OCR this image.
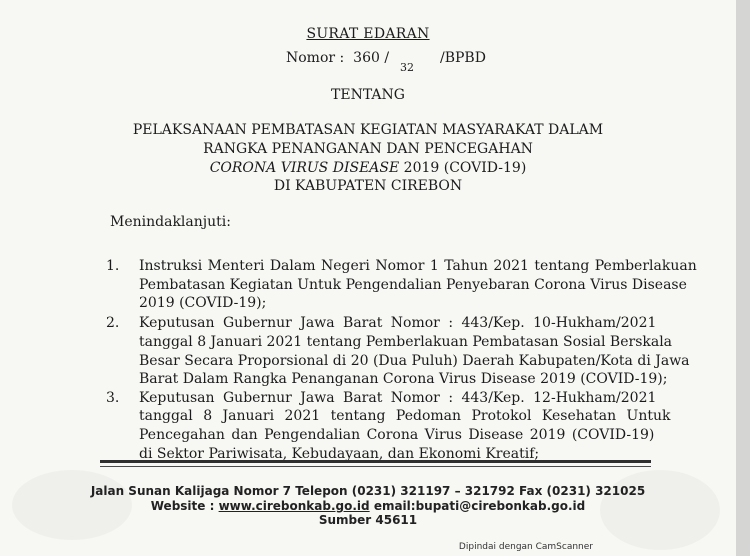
SURAT EDARAN
Nomor : 360 /
32
/BPBD
TENTANG
PELAKSANAAN PEMBATASAN KEGIATAN MASYARAKAT DALAM
RANGKA PENANGANAN DAN PENCEGAHAN
CORONA VIRUS DISEASE 2019 (COVID-19)
DI KABUPATEN CIREBON
Menindaklanjuti:
1. Instruksi Menteri Dalam Negeri Nomor 1 Tahun 2021 tentang Pemberlakuan
Pembatasan Kegiatan Untuk Pengendalian Penyebaran Corona Virus Disease
2019 (COVID-19);
2. Keputusan Gubernur Jawa Barat Nomor : 443/Kep. 10-Hukham/2021
tanggal 8 Januari 2021 tentang Pemberlakuan Pembatasan Sosial Berskala
Besar Secara Proporsional di 20 (Dua Puluh) Daerah Kabupaten/Kota di Jawa
Barat Dalam Rangka Penanganan Corona Virus Disease 2019 (COVID-19);
3. Keputusan Gubernur Jawa Barat Nomor : 443/Kep. 12-Hukham/2021
tanggal 8 Januari 2021 tentang Pedoman Protokol Kesehatan Untuk
Pencegahan dan Pengendalian Corona Virus Disease 2019 (COVID-19)
di Sektor Pariwisata, Kebudayaan, dan Ekonomi Kreatif;
Jalan Sunan Kalijaga Nomor 7 Telepon (0231) 321197 – 321792 Fax (0231) 321025
Website : www.cirebonkab.go.id email:bupati@cirebonkab.go.id
Sumber 45611
Dipindai dengan CamScanner
